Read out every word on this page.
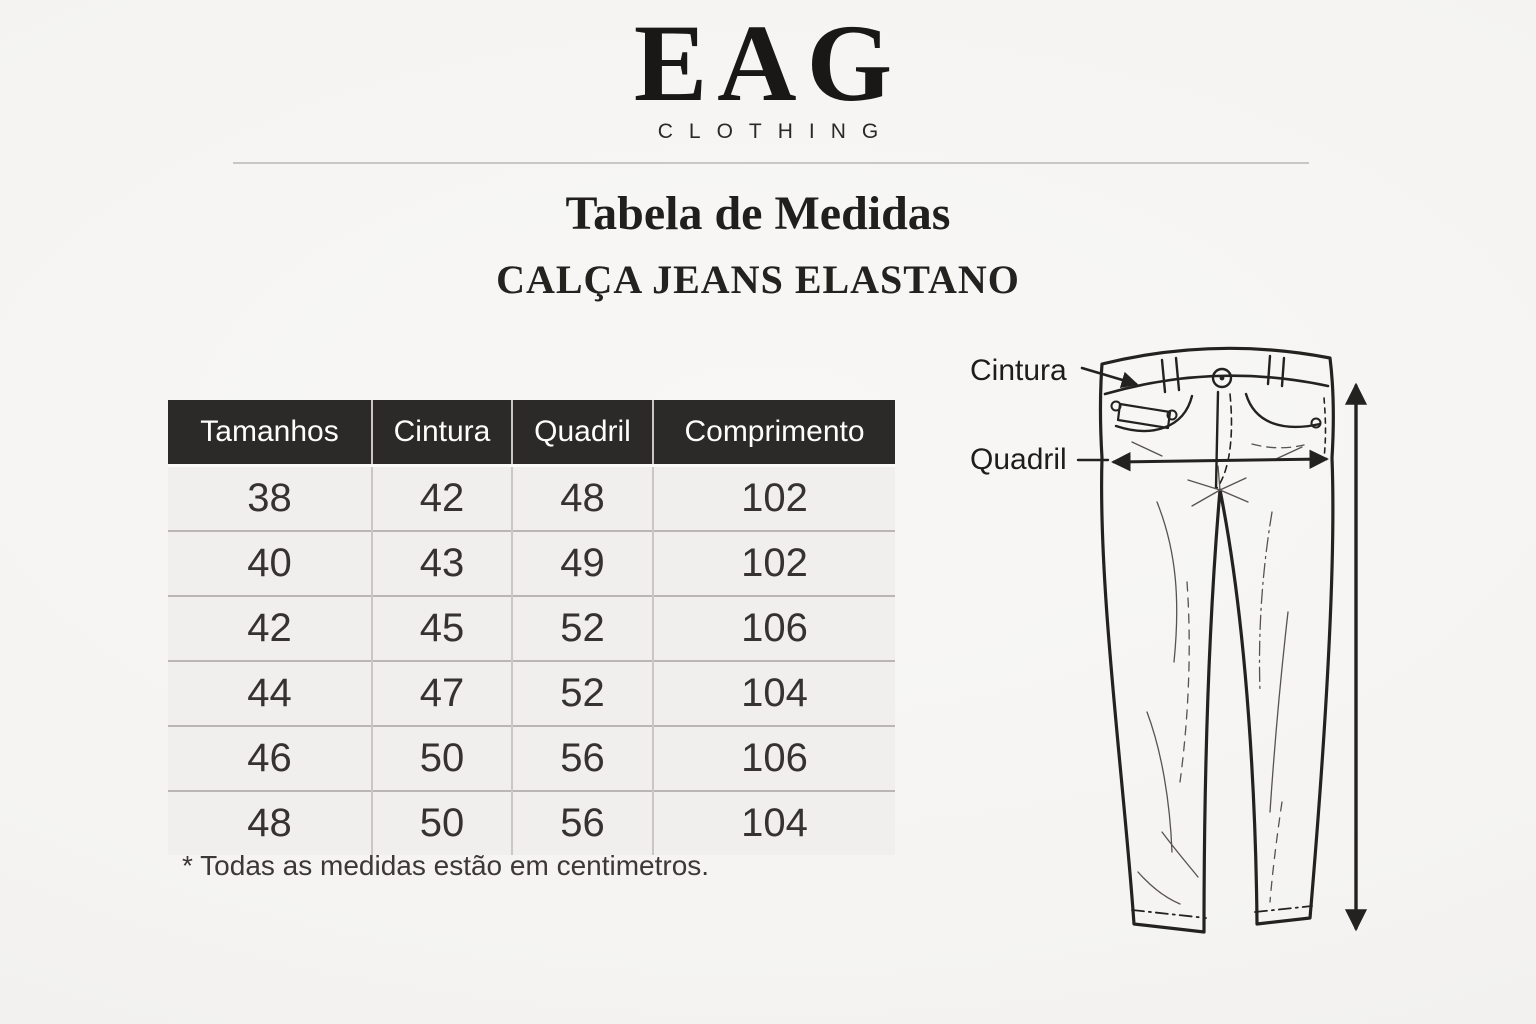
EAG
CLOTHING
Tabela de Medidas
CALÇA JEANS ELASTANO
Tamanhos	Cintura	Quadril	Comprimento
38	42	48	102
40	43	49	102
42	45	52	106
44	47	52	104
46	50	56	106
48	50	56	104
* Todas as medidas estão em centimetros.
Cintura
Quadril
